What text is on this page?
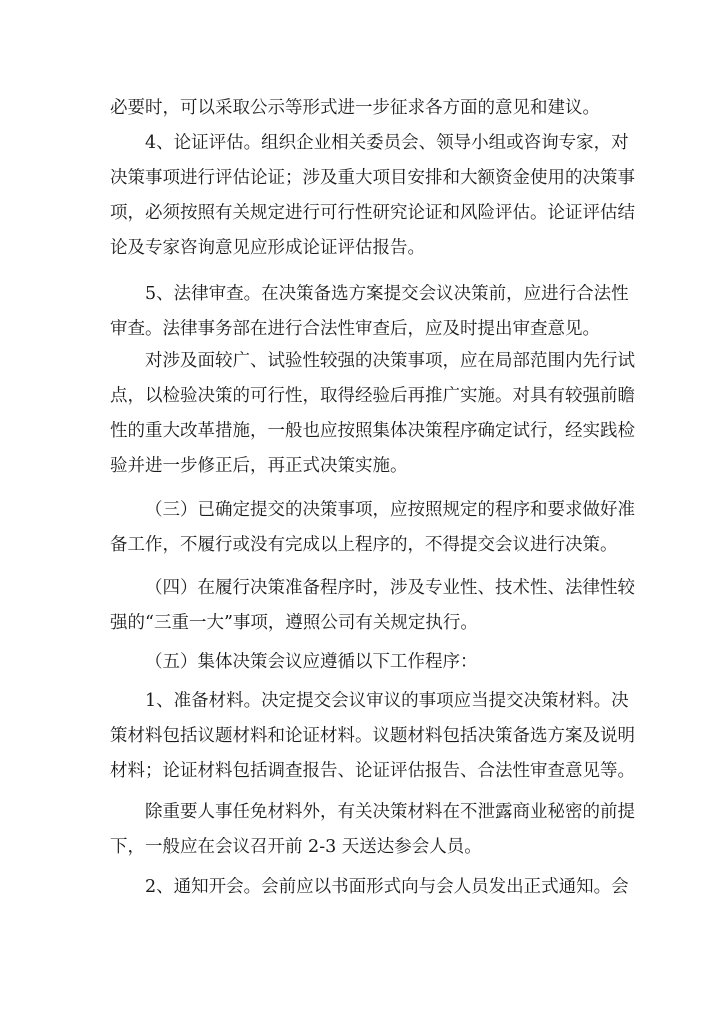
必要时，可以采取公示等形式进一步征求各方面的意见和建议。
4、论证评估。组织企业相关委员会、领导小组或咨询专家，对
决策事项进行评估论证；涉及重大项目安排和大额资金使用的决策事
项，必须按照有关规定进行可行性研究论证和风险评估。论证评估结
论及专家咨询意见应形成论证评估报告。
5、法律审查。在决策备选方案提交会议决策前，应进行合法性
审查。法律事务部在进行合法性审查后，应及时提出审查意见。
对涉及面较广、试验性较强的决策事项，应在局部范围内先行试
点，以检验决策的可行性，取得经验后再推广实施。对具有较强前瞻
性的重大改革措施，一般也应按照集体决策程序确定试行，经实践检
验并进一步修正后，再正式决策实施。
（三）已确定提交的决策事项，应按照规定的程序和要求做好准
备工作，不履行或没有完成以上程序的，不得提交会议进行决策。
（四）在履行决策准备程序时，涉及专业性、技术性、法律性较
强的“三重一大”事项，遵照公司有关规定执行。
（五）集体决策会议应遵循以下工作程序：
1、准备材料。决定提交会议审议的事项应当提交决策材料。决
策材料包括议题材料和论证材料。议题材料包括决策备选方案及说明
材料；论证材料包括调查报告、论证评估报告、合法性审查意见等。
除重要人事任免材料外，有关决策材料在不泄露商业秘密的前提
下，一般应在会议召开前 2-3 天送达参会人员。
2、通知开会。会前应以书面形式向与会人员发出正式通知。会
